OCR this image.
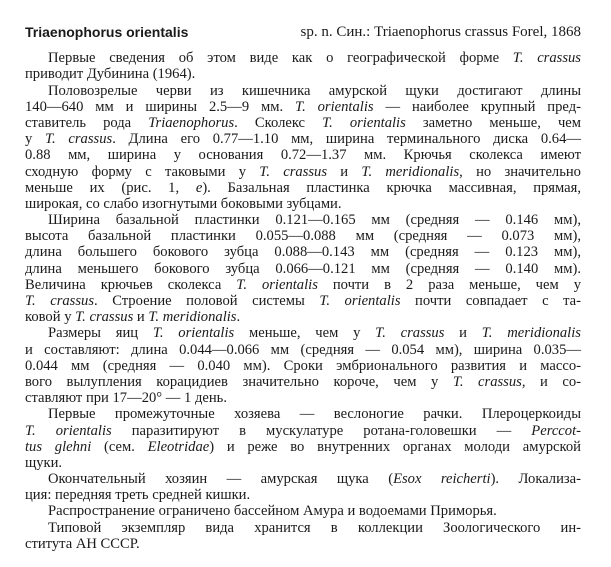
Triaenophorus orientalis	sp. n. Син.: Triaenophorus crassus Forel, 1868
Первые сведения об этом виде как о географической форме T. crassus
приводит Дубинина (1964).
Половозрелые черви из кишечника амурской щуки достигают длины
140—640 мм и ширины 2.5—9 мм. T. orientalis — наиболее крупный пред-
ставитель рода Triaenophorus. Сколекс T. orientalis заметно меньше, чем
у T. crassus. Длина его 0.77—1.10 мм, ширина терминального диска 0.64—
0.88 мм, ширина у основания 0.72—1.37 мм. Крючья сколекса имеют
сходную форму с таковыми у T. crassus и T. meridionalis, но значительно
меньше их (рис. 1, е). Базальная пластинка крючка массивная, прямая,
широкая, со слабо изогнутыми боковыми зубцами.
Ширина базальной пластинки 0.121—0.165 мм (средняя — 0.146 мм),
высота базальной пластинки 0.055—0.088 мм (средняя — 0.073 мм),
длина большего бокового зубца 0.088—0.143 мм (средняя — 0.123 мм),
длина меньшего бокового зубца 0.066—0.121 мм (средняя — 0.140 мм).
Величина крючьев сколекса T. orientalis почти в 2 раза меньше, чем у
T. crassus. Строение половой системы T. orientalis почти совпадает с та-
ковой у T. crassus и T. meridionalis.
Размеры яиц T. orientalis меньше, чем у T. crassus и T. meridionalis
и составляют: длина 0.044—0.066 мм (средняя — 0.054 мм), ширина 0.035—
0.044 мм (средняя — 0.040 мм). Сроки эмбрионального развития и массо-
вого вылупления корацидиев значительно короче, чем у T. crassus, и со-
ставляют при 17—20° — 1 день.
Первые промежуточные хозяева — веслоногие рачки. Плероцеркоиды
T. orientalis паразитируют в мускулатуре ротана-головешки — Perccot-
tus glehni (сем. Eleotridae) и реже во внутренних органах молоди амурской
щуки.
Окончательный хозяин — амурская щука (Esox reicherti). Локализа-
ция: передняя треть средней кишки.
Распространение ограничено бассейном Амура и водоемами Приморья.
Типовой экземпляр вида хранится в коллекции Зоологического ин-
ститута АН СССР.
